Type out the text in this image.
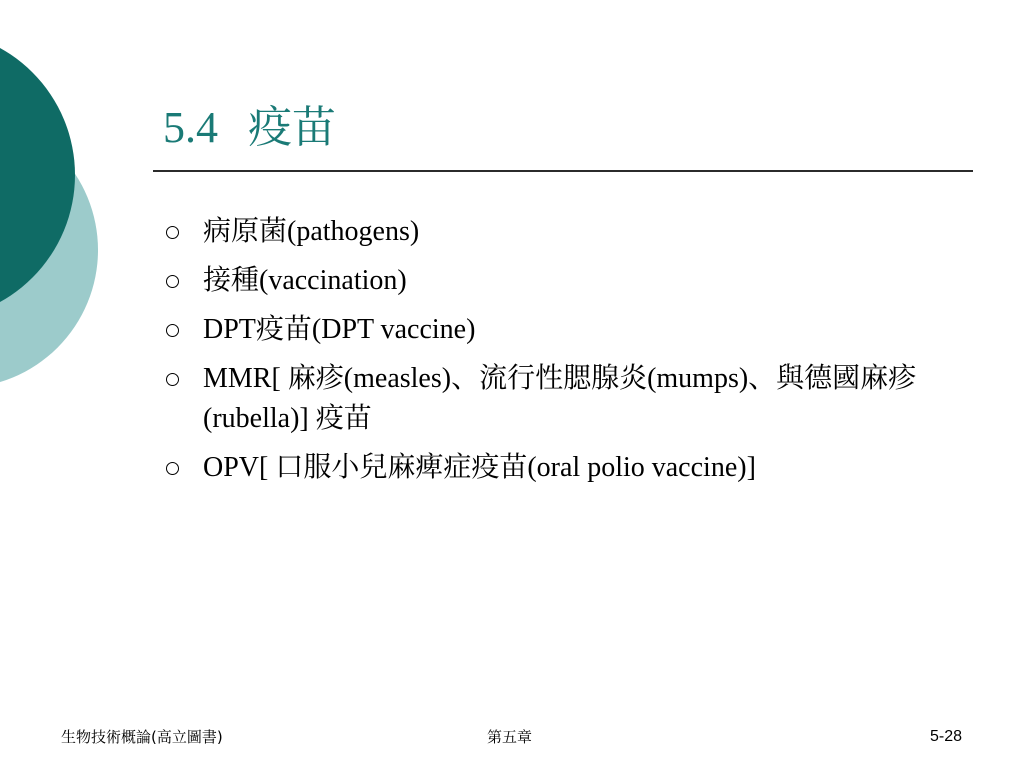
5.4 疫苗
病原菌(pathogens)
接種(vaccination)
DPT疫苗(DPT vaccine)
MMR[ 麻疹(measles)、流行性腮腺炎(mumps)、與德國麻疹(rubella)] 疫苗
OPV[ 口服小兒麻痺症疫苗(oral polio vaccine)]
生物技術概論(高立圖書)	第五章	5-28
